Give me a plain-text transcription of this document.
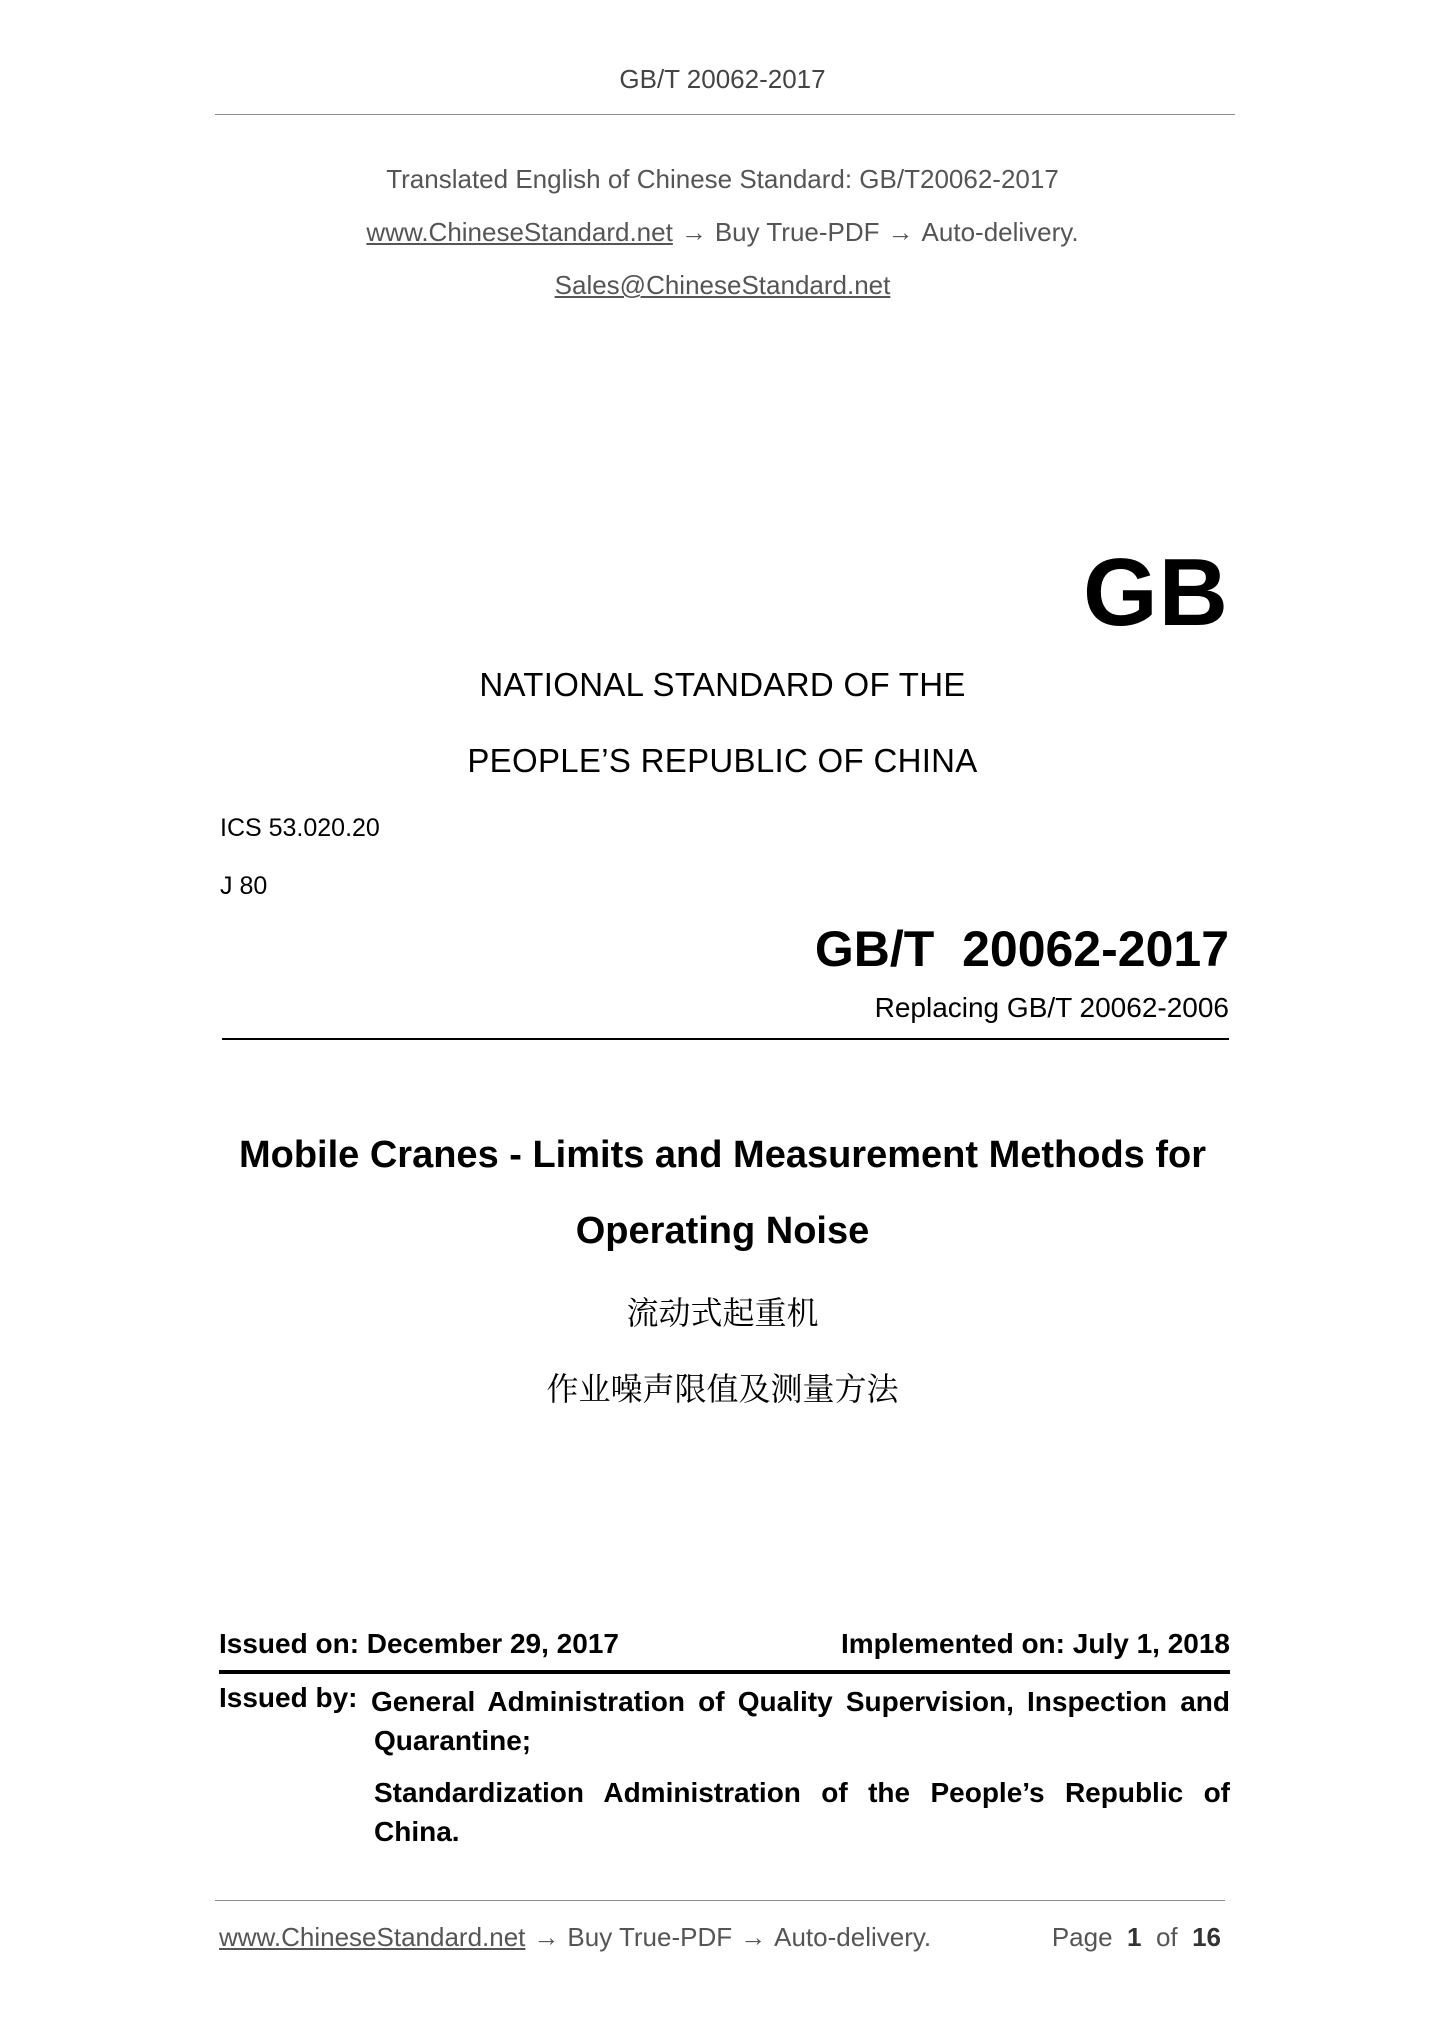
GB/T 20062-2017
Translated English of Chinese Standard: GB/T20062-2017
www.ChineseStandard.net → Buy True-PDF → Auto-delivery.
Sales@ChineseStandard.net
GB
NATIONAL STANDARD OF THE
PEOPLE’S REPUBLIC OF CHINA
ICS 53.020.20
J 80
GB/T  20062-2017
Replacing GB/T 20062-2006
Mobile Cranes - Limits and Measurement Methods for
Operating Noise
流动式起重机
作业噪声限值及测量方法
Issued on: December 29, 2017	Implemented on: July 1, 2018
Issued by: General Administration of Quality Supervision, Inspection and
Quarantine;
Standardization Administration of the People’s Republic of
China.
www.ChineseStandard.net → Buy True-PDF → Auto-delivery.	Page 1 of 16
